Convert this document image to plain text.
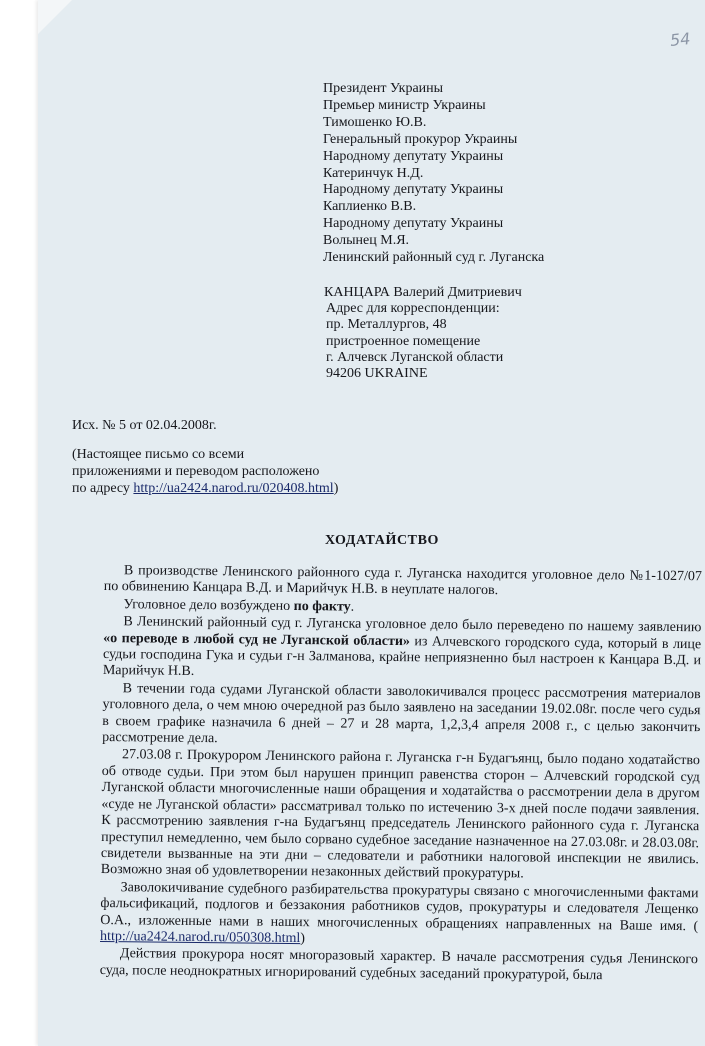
54
Президент Украины
Премьер министр Украины
Тимошенко Ю.В.
Генеральный прокурор Украины
Народному депутату Украины
Катеринчук Н.Д.
Народному депутату Украины
Каплиенко В.В.
Народному депутату Украины
Волынец М.Я.
Ленинский районный суд г. Луганска
КАНЦАРА Валерий Дмитриевич
Адрес для корреспонденции:
пр. Металлургов, 48
пристроенное помещение
г. Алчевск Луганской области
94206 UKRAINE
Исх. № 5 от 02.04.2008г.
(Настоящее письмо со всеми
приложениями и переводом расположено
по адресу http://ua2424.narod.ru/020408.html)
ХОДАТАЙСТВО

В производстве Ленинского районного суда г. Луганска находится уголовное дело №1-1027/07 по обвинению Канцара В.Д. и Марийчук Н.В. в неуплате налогов.

Уголовное дело возбуждено по факту.

В Ленинский районный суд г. Луганска уголовное дело было переведено по нашему заявлению «о переводе в любой суд не Луганской области» из Алчевского городского суда, который в лице судьи господина Гука и судьи г-н Залманова, крайне неприязненно был настроен к Канцара В.Д. и Марийчук Н.В.

В течении года судами Луганской области заволокичивался процесс рассмотрения материалов уголовного дела, о чем мною очередной раз было заявлено на заседании 19.02.08г. после чего судья в своем графике назначила 6 дней – 27 и 28 марта, 1,2,3,4 апреля 2008 г., с целью закончить рассмотрение дела.

27.03.08 г. Прокурором Ленинского района г. Луганска г-н Будагъянц, было подано ходатайство об отводе судьи. При этом был нарушен принцип равенства сторон – Алчевский городской суд Луганской области многочисленные наши обращения и ходатайства о рассмотрении дела в другом «суде не Луганской области» рассматривал только по истечению 3-х дней после подачи заявления. К рассмотрению заявления г-на Будагъянц председатель Ленинского районного суда г. Луганска преступил немедленно, чем было сорвано судебное заседание назначенное на 27.03.08г. и 28.03.08г. свидетели вызванные на эти дни – следователи и работники налоговой инспекции не явились. Возможно зная об удовлетворении незаконных действий прокуратуры.

Заволокичивание судебного разбирательства прокуратуры связано с многочисленными фактами фальсификаций, подлогов и беззакония работников судов, прокуратуры и следователя Лещенко О.А., изложенные нами в наших многочисленных обращениях направленных на Ваше имя. ( http://ua2424.narod.ru/050308.html)

Действия прокурора носят многоразовый характер. В начале рассмотрения судья Ленинского суда, после неоднократных игнорирований судебных заседаний прокуратурой, была
